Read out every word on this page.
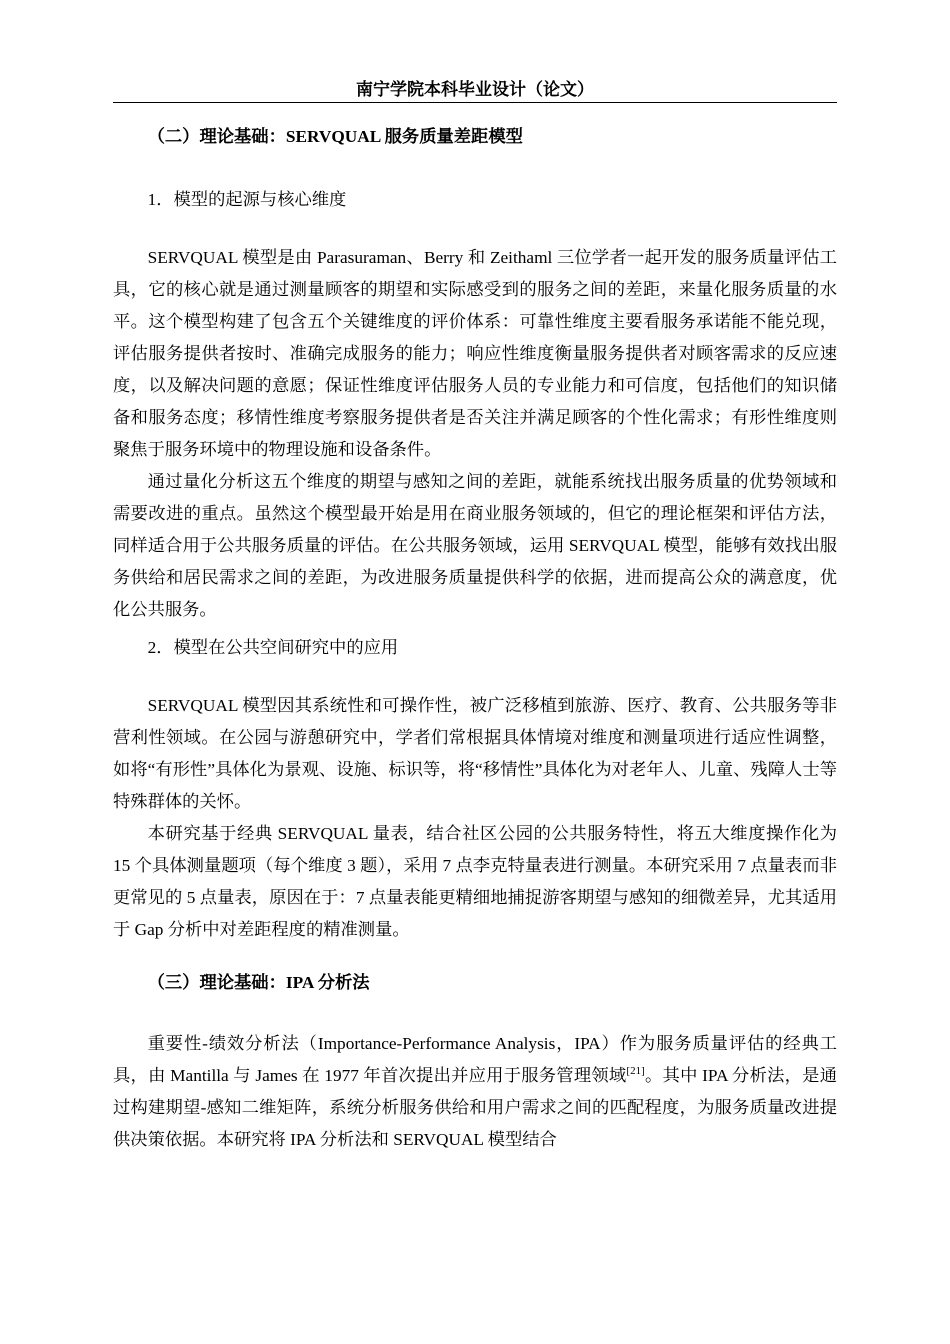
南宁学院本科毕业设计（论文）
（二）理论基础：SERVQUAL 服务质量差距模型
1．模型的起源与核心维度

SERVQUAL 模型是由 Parasuraman、Berry 和 Zeithaml 三位学者一起开发的服务质量评估工具，它的核心就是通过测量顾客的期望和实际感受到的服务之间的差距，来量化服务质量的水平。这个模型构建了包含五个关键维度的评价体系：可靠性维度主要看服务承诺能不能兑现，评估服务提供者按时、准确完成服务的能力；响应性维度衡量服务提供者对顾客需求的反应速度，以及解决问题的意愿；保证性维度评估服务人员的专业能力和可信度，包括他们的知识储备和服务态度；移情性维度考察服务提供者是否关注并满足顾客的个性化需求；有形性维度则聚焦于服务环境中的物理设施和设备条件。

通过量化分析这五个维度的期望与感知之间的差距，就能系统找出服务质量的优势领域和需要改进的重点。虽然这个模型最开始是用在商业服务领域的，但它的理论框架和评估方法，同样适合用于公共服务质量的评估。在公共服务领域，运用 SERVQUAL 模型，能够有效找出服务供给和居民需求之间的差距，为改进服务质量提供科学的依据，进而提高公众的满意度，优化公共服务。

2．模型在公共空间研究中的应用

SERVQUAL 模型因其系统性和可操作性，被广泛移植到旅游、医疗、教育、公共服务等非营利性领域。在公园与游憩研究中，学者们常根据具体情境对维度和测量项进行适应性调整，如将“有形性”具体化为景观、设施、标识等，将“移情性”具体化为对老年人、儿童、残障人士等特殊群体的关怀。

本研究基于经典 SERVQUAL 量表，结合社区公园的公共服务特性，将五大维度操作化为 15 个具体测量题项（每个维度 3 题），采用 7 点李克特量表进行测量。本研究采用 7 点量表而非更常见的 5 点量表，原因在于：7 点量表能更精细地捕捉游客期望与感知的细微差异，尤其适用于 Gap 分析中对差距程度的精准测量。

（三）理论基础：IPA 分析法

重要性-绩效分析法（Importance-Performance Analysis，IPA）作为服务质量评估的经典工具，由 Mantilla 与 James 在 1977 年首次提出并应用于服务管理领域[21]。其中 IPA 分析法，是通过构建期望-感知二维矩阵，系统分析服务供给和用户需求之间的匹配程度，为服务质量改进提供决策依据。本研究将 IPA 分析法和 SERVQUAL 模型结合
